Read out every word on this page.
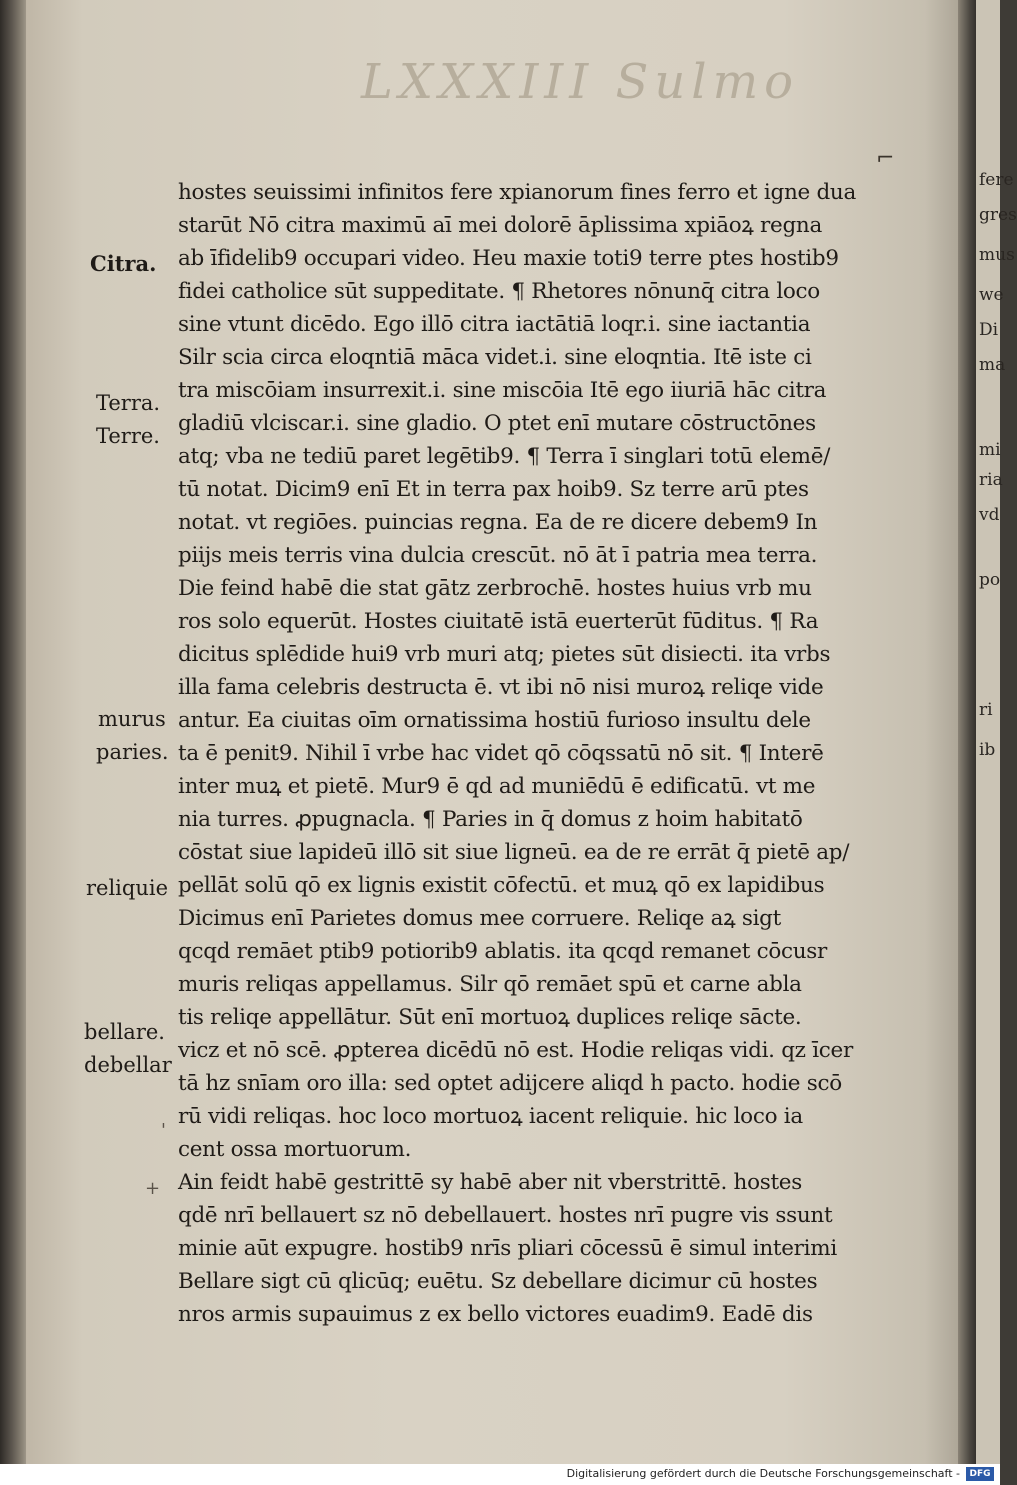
fere
gres
mus
we
Di
ma
mi
ria
vd
po
ri
ib
LXXXIII Sulmo
⌐
Citra.
Terra.
Terre.
murus
paries.
reliquie
bellare.
debellar
'
+
hostes seuissimi infinitos fere xpianorum fines ferro et igne dua
starūt Nō citra maximū aī mei dolorē āplissima xpiāoꝝ regna
ab īfidelib9 occupari video. Heu maxie toti9 terre ptes hostib9
fidei catholice sūt suppeditate. ¶ Rhetores nōnunq̄ citra loco
sine vtunt dicēdo. Ego illō citra iactātiā loqr.i. sine iactantia
Silr scia circa eloqntiā māca videt.i. sine eloqntia. Itē iste ci
tra miscōiam insurrexit.i. sine miscōia Itē ego iiuriā hāc citra
gladiū vlciscar.i. sine gladio. O ptet enī mutare cōstructōnes
atq; vba ne tediū paret legētib9. ¶ Terra ī singlari totū elemē/
tū notat. Dicim9 enī Et in terra pax hoib9. Sz terre arū ptes
notat. vt regiōes. puincias regna. Ea de re dicere debem9 In
piijs meis terris vina dulcia crescūt. nō āt ī patria mea terra.
Die feind habē die stat gātz zerbrochē. hostes huius vrb mu
ros solo equerūt. Hostes ciuitatē istā euerterūt fūditus. ¶ Ra
dicitus splēdide hui9 vrb muri atq; pietes sūt disiecti. ita vrbs
illa fama celebris destructa ē. vt ibi nō nisi muroꝝ reliqe vide
antur. Ea ciuitas oīm ornatissima hostiū furioso insultu dele
ta ē penit9. Nihil ī vrbe hac videt qō cōqssatū nō sit. ¶ Interē
inter muꝝ et pietē. Mur9 ē qd ad muniēdū ē edificatū. vt me
nia turres. ꝓpugnacla. ¶ Paries in q̄ domus z hoim habitatō
cōstat siue lapideū illō sit siue ligneū. ea de re errāt q̄ pietē ap/
pellāt solū qō ex lignis existit cōfectū. et muꝝ qō ex lapidibus
Dicimus enī Parietes domus mee corruere. Reliqe aꝝ sigt
qcqd remāet ptib9 potiorib9 ablatis. ita qcqd remanet cōcusr
muris reliqas appellamus. Silr qō remāet spū et carne abla
tis reliqe appellātur. Sūt enī mortuoꝝ duplices reliqe sācte.
vicz et nō scē. ꝓpterea dicēdū nō est. Hodie reliqas vidi. qz īcer
tā hz snīam oro illa: sed optet adijcere aliqd h pacto. hodie scō
rū vidi reliqas. hoc loco mortuoꝝ iacent reliquie. hic loco ia
cent ossa mortuorum.
Ain feidt habē gestrittē sy habē aber nit vberstrittē. hostes
qdē nrī bellauert sz nō debellauert. hostes nrī pugre vis ssunt
minie aūt expugre. hostib9 nrīs pliari cōcessū ē simul interimi
Bellare sigt cū qlicūq; euētu. Sz debellare dicimur cū hostes
nros armis supauimus z ex bello victores euadim9. Eadē dis
Digitalisierung gefördert durch die Deutsche Forschungsgemeinschaft -	DFG
